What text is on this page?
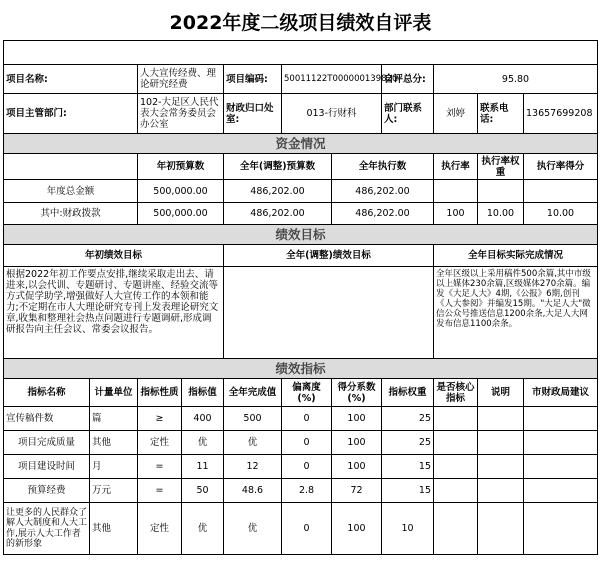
2022年度二级项目绩效自评表

项目名称:		人大宣传经费、理论研究经费		项目编码:	50011122T000000139820		自评总分:	95.80		
项目主管部门:		102-大足区人民代表大会常务委员会办公室		财政归口处室:	013-行财科		部门联系人:	刘婷	联系电话:	13657699208
资金情况										
		年初预算数		全年(调整)预算数		全年执行数		执行率	执行率权重	执行率得分
年度总金额		500,000.00		486,202.00		486,202.00				
其中:财政拨款		500,000.00		486,202.00		486,202.00		100	10.00	10.00
绩效目标										
年初绩效目标				全年(调整)绩效目标				全年目标实际完成情况		
根据2022年初工作要点安排,继续采取走出去、请进来,以会代训、专题研讨、专题讲座、经验交流等方式促学助学,增强做好人大宣传工作的本领和能力;不定期在市人大理论研究专刊上发表理论研究文章,收集和整理社会热点问题进行专题调研,形成调研报告向主任会议、常委会议报告。								全年区级以上采用稿件500余篇,其中市级以上媒体230余篇,区级媒体270余篇。编发《大足人大》4期,《公报》6期,创刊《人大参阅》并编发15期。"大足人大"微信公众号推送信息1200余条,大足人大网发布信息1100余条。		
绩效指标										
指标名称	计量单位	指标性质	指标值	全年完成值	偏离度(%)	得分系数(%)	指标权重	是否核心指标	说明	市财政局建议
宣传稿件数	篇	≥	400	500	0	100	25			
项目完成质量	其他	定性	优	优	0	100	25			
项目建设时间	月	=	11	12	0	100	15			
预算经费	万元	=	50	48.6	2.8	72	15			
让更多的人民群众了解人大制度和人大工作,展示人大工作者的新形象	其他	定性	优	优	0	100	10			
